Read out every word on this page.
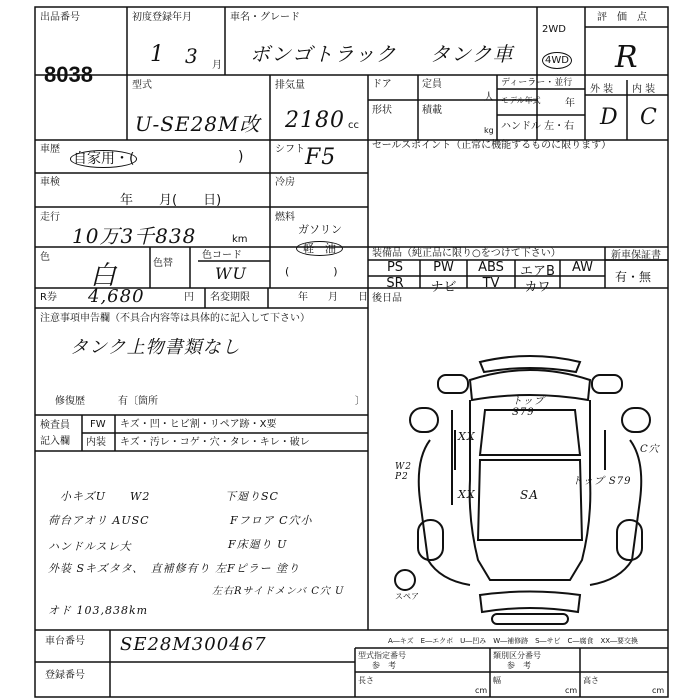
出品番号
8038
初度登録年月
1 3 月
車名・グレード
ボンゴトラック タンク車
2WD
4WD
評　価　点
R
外 装 内 装
D C
型式
U-SE28M改
排気量
2180 cc
ドア	定員
人
形状	積載
kg
ディーラー・並行
モデル年式	年
ハンドル 左・右
車歴
自家用・(	)	シフト F5
車検
年　　月(　　日)
冷房
走行
10万3千838	km
燃料
ガソリン
軽　油
(　　　　)
色
白	色替
色コード
WU
セールスポイント（正常に機能するものに限ります）
装備品（純正品に限り○をつけて下さい）
PS	PW	ABS	エアB	AW
SR	ナビ	TV	カワ
新車保証書
有・無
後日品
R券 4,680	円 名変期限	年　　月　　日
注意事項申告欄（不具合内容等は具体的に記入して下さい）
タンク上物書類なし
修復歴	有〔箇所	〕
検査員
記入欄
FW キズ・凹・ヒビ割・リペア跡・X要
内装 キズ・汚レ・コゲ・穴・タレ・キレ・破レ
小キズU　　W2
荷台アオリ AUSC
ハンドルスレ大
外装 Sキズタタ、　直補修有り
オド 103,838km
下廻りSC
Fフロア C穴小
F床廻り U
左Fピラー 塗り
左右Rサイドメンバ C穴 U
トップ S79
XX
XX	SA
C穴
W2 P2	トップ S79
スペア
A―キズ　E―エクボ　U―凹み　W―補修跡　S―サビ　C―腐食　XX―要交換
車台番号 SE28M300467
登録番号
型式指定番号
参　考
類別区分番号
参　考
長さ
cm
幅
cm
高さ
cm
